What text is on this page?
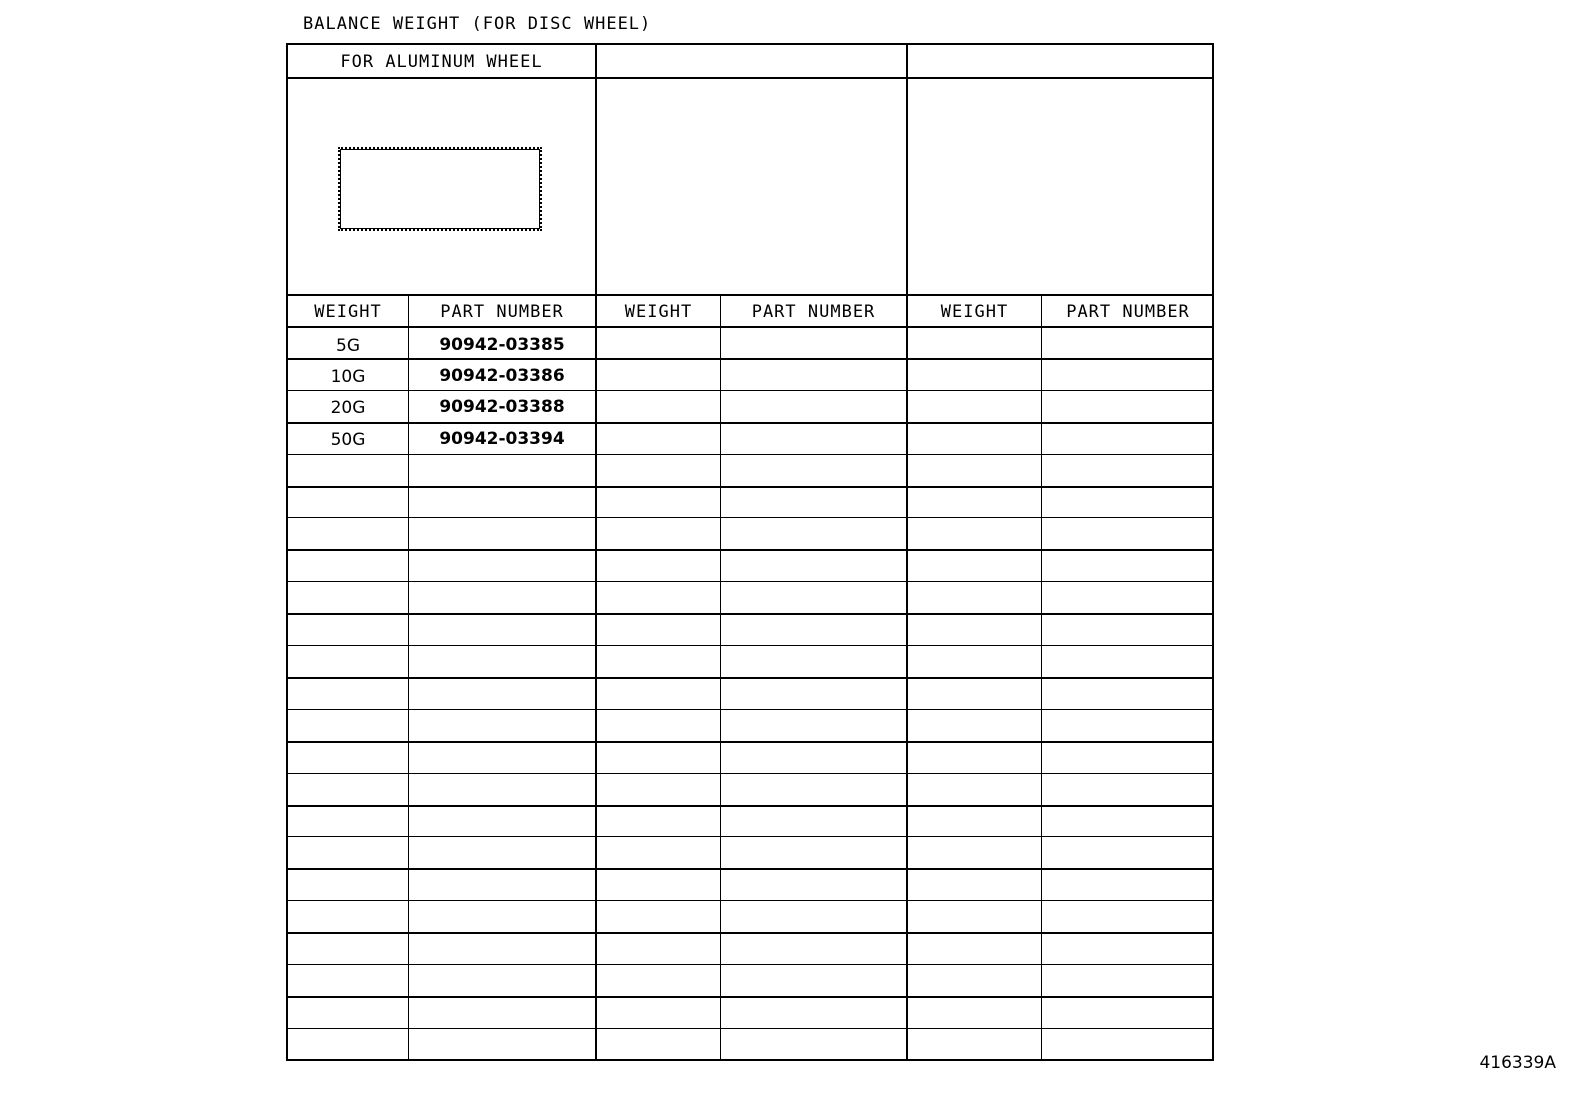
BALANCE WEIGHT (FOR DISC WHEEL)
FOR ALUMINUM WHEEL
WEIGHT	PART NUMBER	WEIGHT	PART NUMBER	WEIGHT	PART NUMBER
5G	90942-03385
10G	90942-03386
20G	90942-03388
50G	90942-03394
416339A
